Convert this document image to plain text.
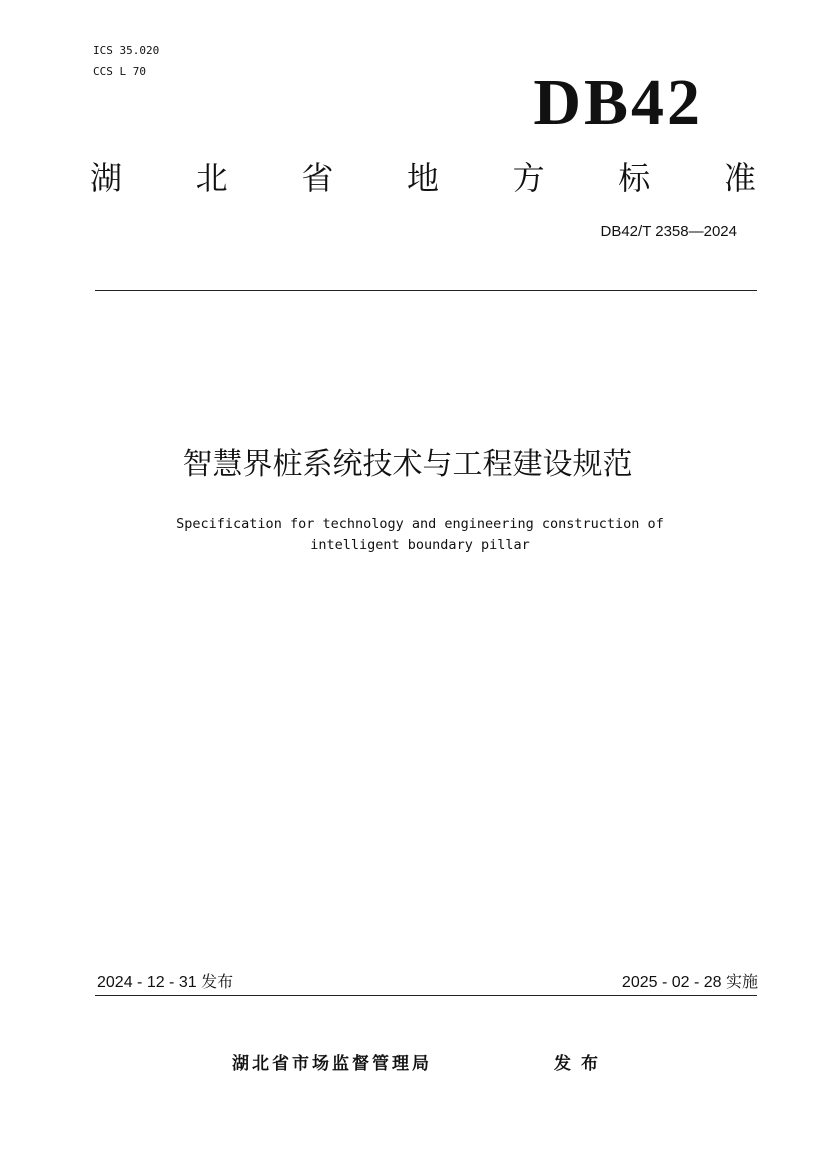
ICS 35.020
CCS L 70	DB42
湖 北 省 地 方 标 准
DB42/T 2358—2024
智慧界桩系统技术与工程建设规范
Specification for technology and engineering construction of
intelligent boundary pillar
2024 - 12 - 31 发布	2025 - 02 - 28 实施
湖北省市场监督管理局	发布
